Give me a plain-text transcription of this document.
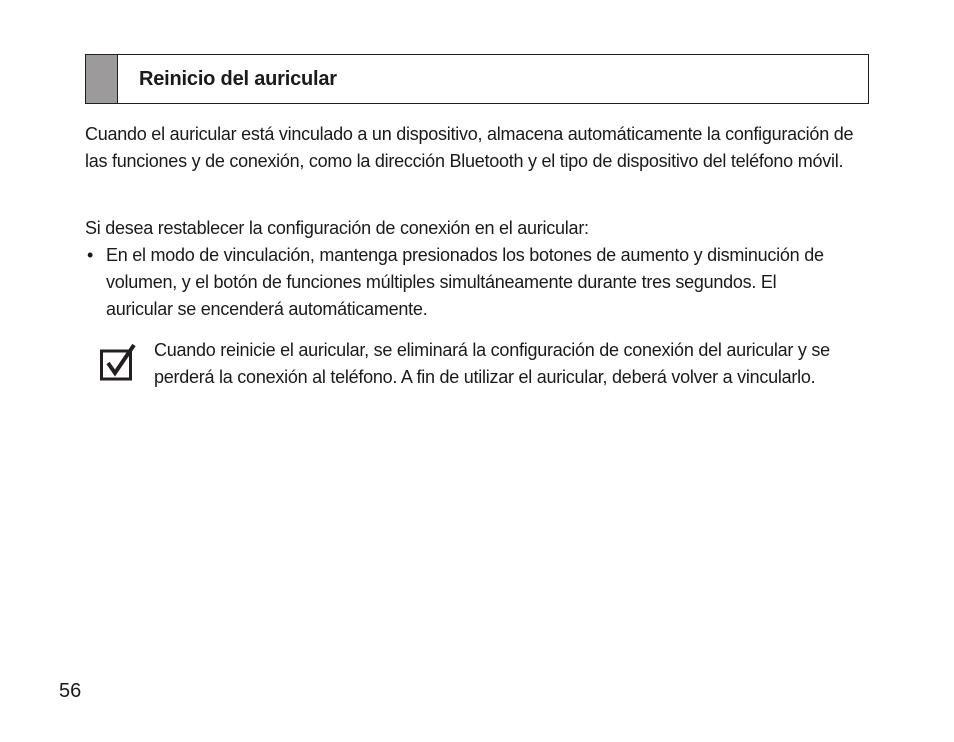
Reinicio del auricular

Cuando el auricular está vinculado a un dispositivo, almacena automáticamente la configuración de las funciones y de conexión, como la dirección Bluetooth y el tipo de dispositivo del teléfono móvil.

Si desea restablecer la configuración de conexión en el auricular:

• En el modo de vinculación, mantenga presionados los botones de aumento y disminución de volumen, y el botón de funciones múltiples simultáneamente durante tres segundos. El auricular se encenderá automáticamente.

Cuando reinicie el auricular, se eliminará la configuración de conexión del auricular y se perderá la conexión al teléfono. A fin de utilizar el auricular, deberá volver a vincularlo.

56
